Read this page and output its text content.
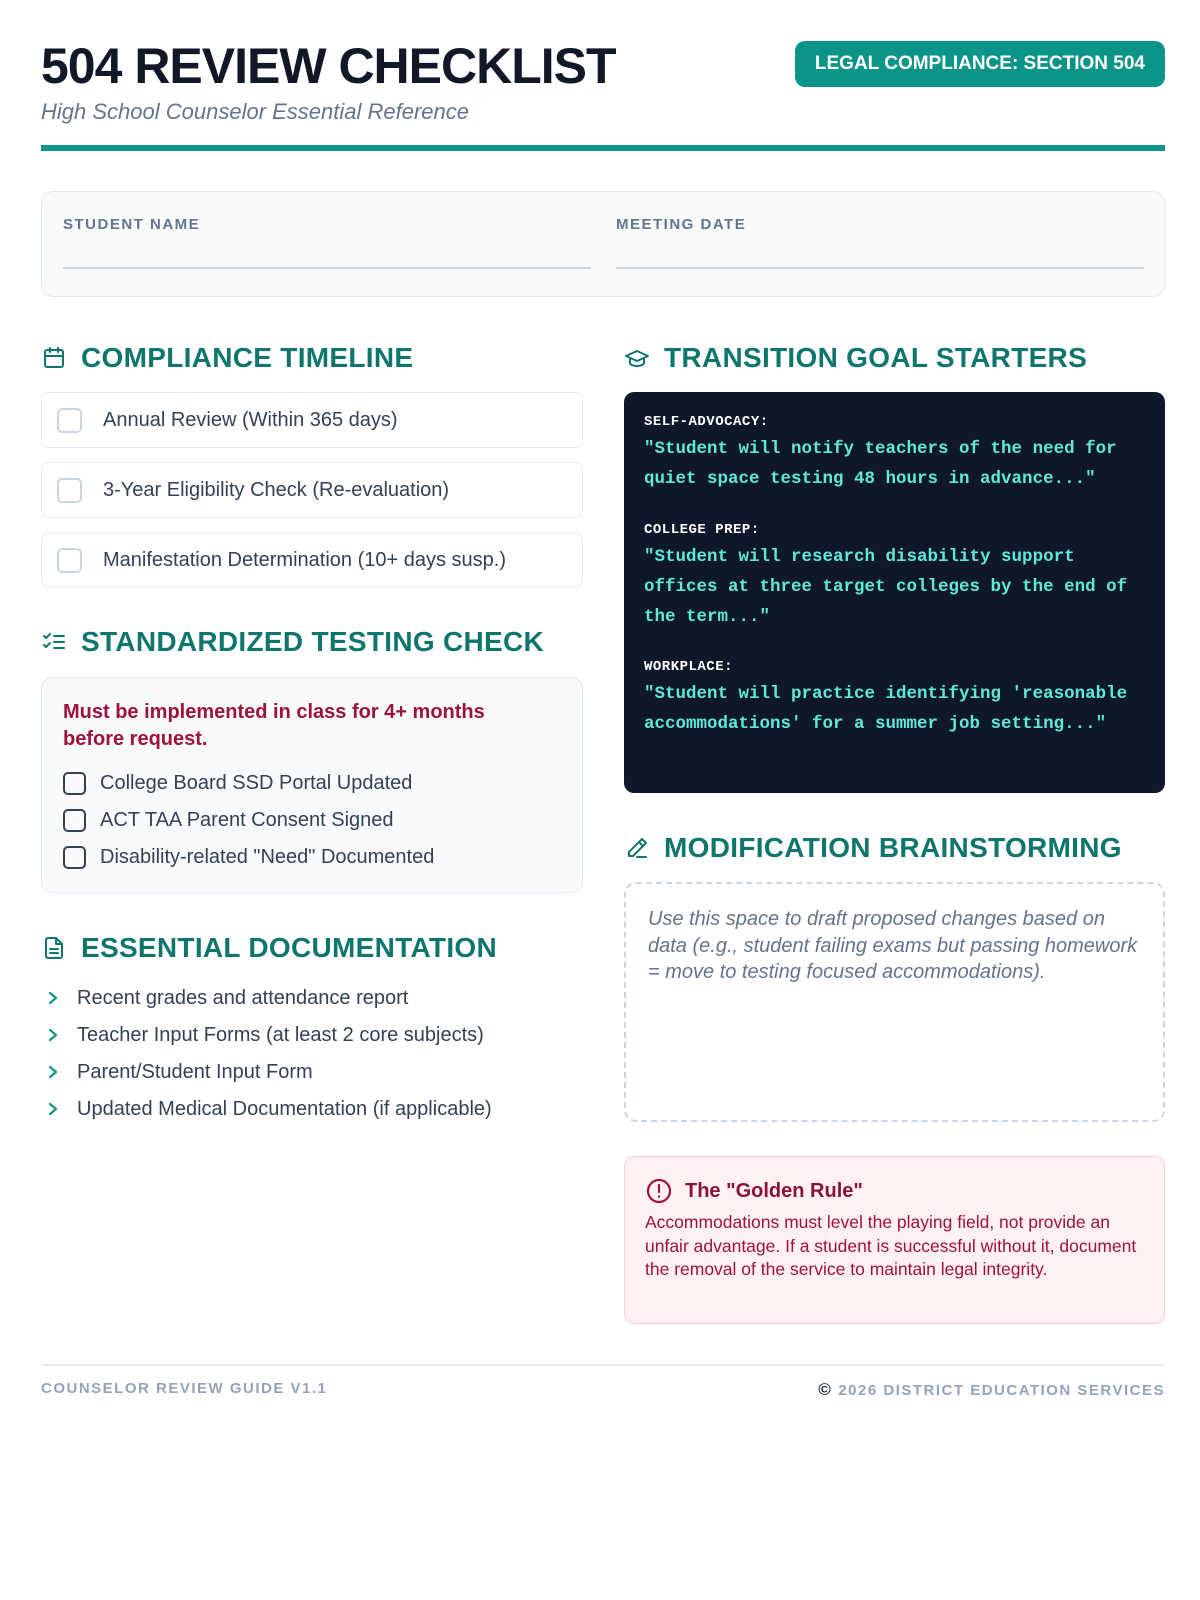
504 REVIEW CHECKLIST
High School Counselor Essential Reference
LEGAL COMPLIANCE: SECTION 504
STUDENT NAME	MEETING DATE
COMPLIANCE TIMELINE
Annual Review (Within 365 days)
3-Year Eligibility Check (Re-evaluation)
Manifestation Determination (10+ days susp.)
STANDARDIZED TESTING CHECK
Must be implemented in class for 4+ months before request.
College Board SSD Portal Updated
ACT TAA Parent Consent Signed
Disability-related "Need" Documented
ESSENTIAL DOCUMENTATION
Recent grades and attendance report
Teacher Input Forms (at least 2 core subjects)
Parent/Student Input Form
Updated Medical Documentation (if applicable)
TRANSITION GOAL STARTERS
SELF-ADVOCACY:
"Student will notify teachers of the need for quiet space testing 48 hours in advance..."
COLLEGE PREP:
"Student will research disability support offices at three target colleges by the end of the term..."
WORKPLACE:
"Student will practice identifying 'reasonable accommodations' for a summer job setting..."
MODIFICATION BRAINSTORMING
Use this space to draft proposed changes based on data (e.g., student failing exams but passing homework = move to testing focused accommodations).
The "Golden Rule"
Accommodations must level the playing field, not provide an unfair advantage. If a student is successful without it, document the removal of the service to maintain legal integrity.
COUNSELOR REVIEW GUIDE V1.1	© 2026 DISTRICT EDUCATION SERVICES
